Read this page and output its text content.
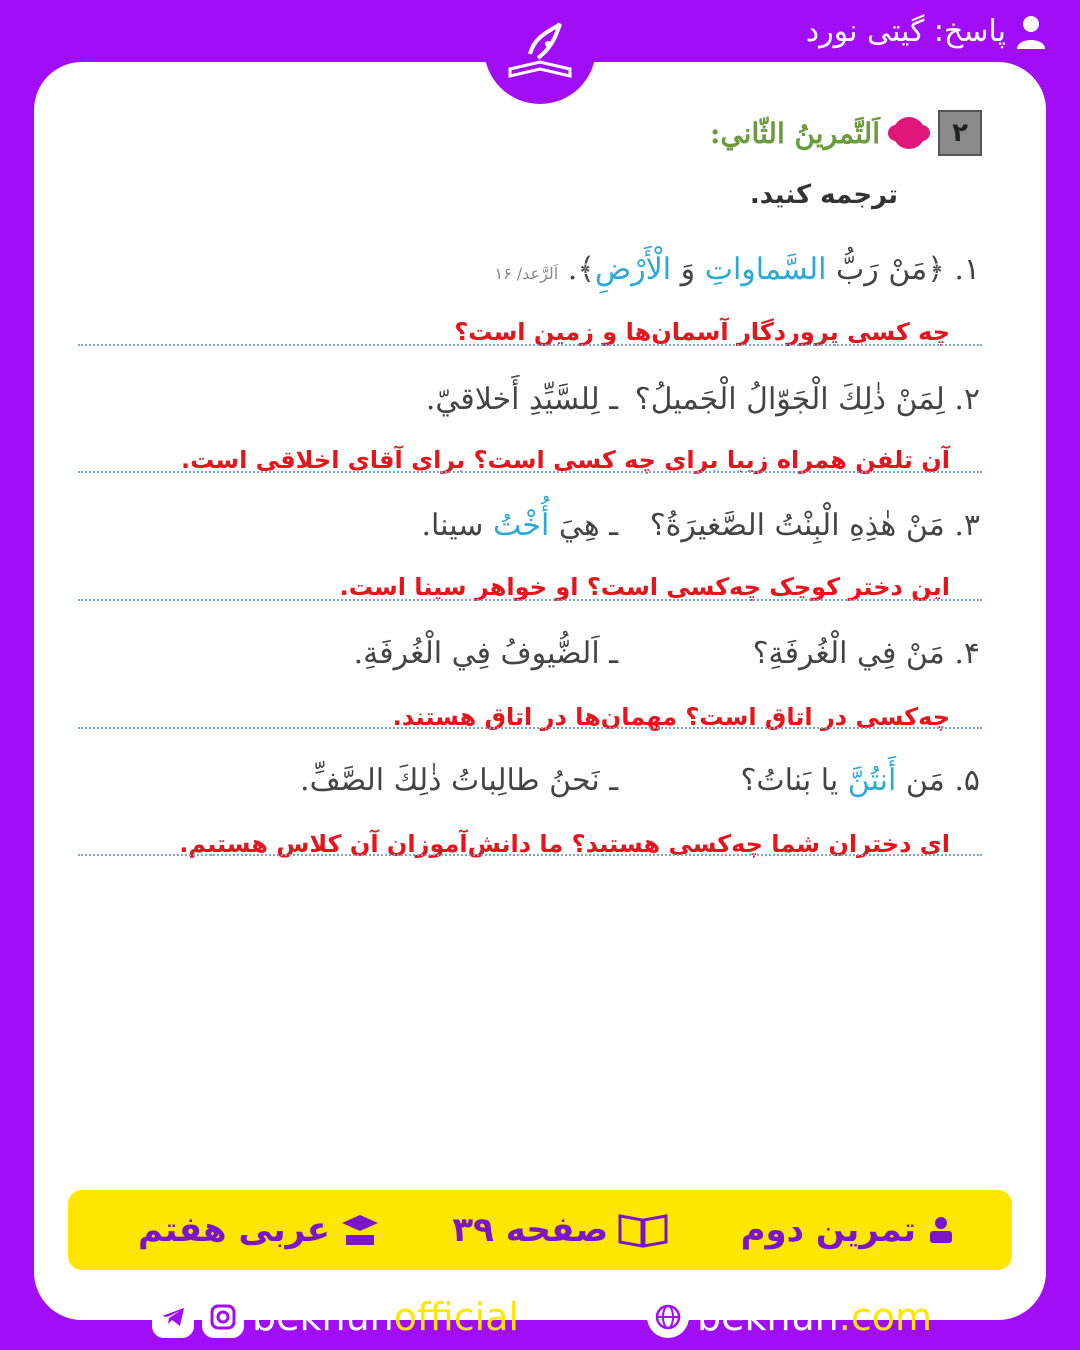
پاسخ: گیتی نورد
۲
اَلتَّمرینُ الثّاني:
ترجمه کنید.
۱. ﴿مَنْ رَبُّ السَّماواتِ وَ الْأَرْضِ﴾. اَلرَّعد/ ۱۶
چه کسی پروردگار آسمان‌ها و زمین است؟
۲. لِمَنْ ذٰلِكَ الْجَوّالُ الْجَميلُ؟
ـ لِلسَّيِّدِ أَخلاقيّ.
آن تلفن همراه زیبا برای چه کسی است؟ برای آقای اخلاقی است.
۳. مَنْ هٰذِهِ الْبِنْتُ الصَّغيرَةُ؟
ـ هِيَ أُخْتُ سينا.
این دختر کوچک چه‌کسی است؟ او خواهر سینا است.
۴. مَنْ فِي الْغُرفَةِ؟
ـ اَلضُّيوفُ فِي الْغُرفَةِ.
چه‌کسی در اتاق است؟ مهمان‌ها در اتاق هستند.
۵. مَن أَنتُنَّ يا بَناتُ؟
ـ نَحنُ طالِباتُ ذٰلِكَ الصَّفِّ.
ای دختران شما چه‌کسی هستید؟ ما دانش‌آموزان آن کلاس هستیم.
تمرین دوم
صفحه ۳۹
عربی هفتم
bekhunofficial	bekhun.com
